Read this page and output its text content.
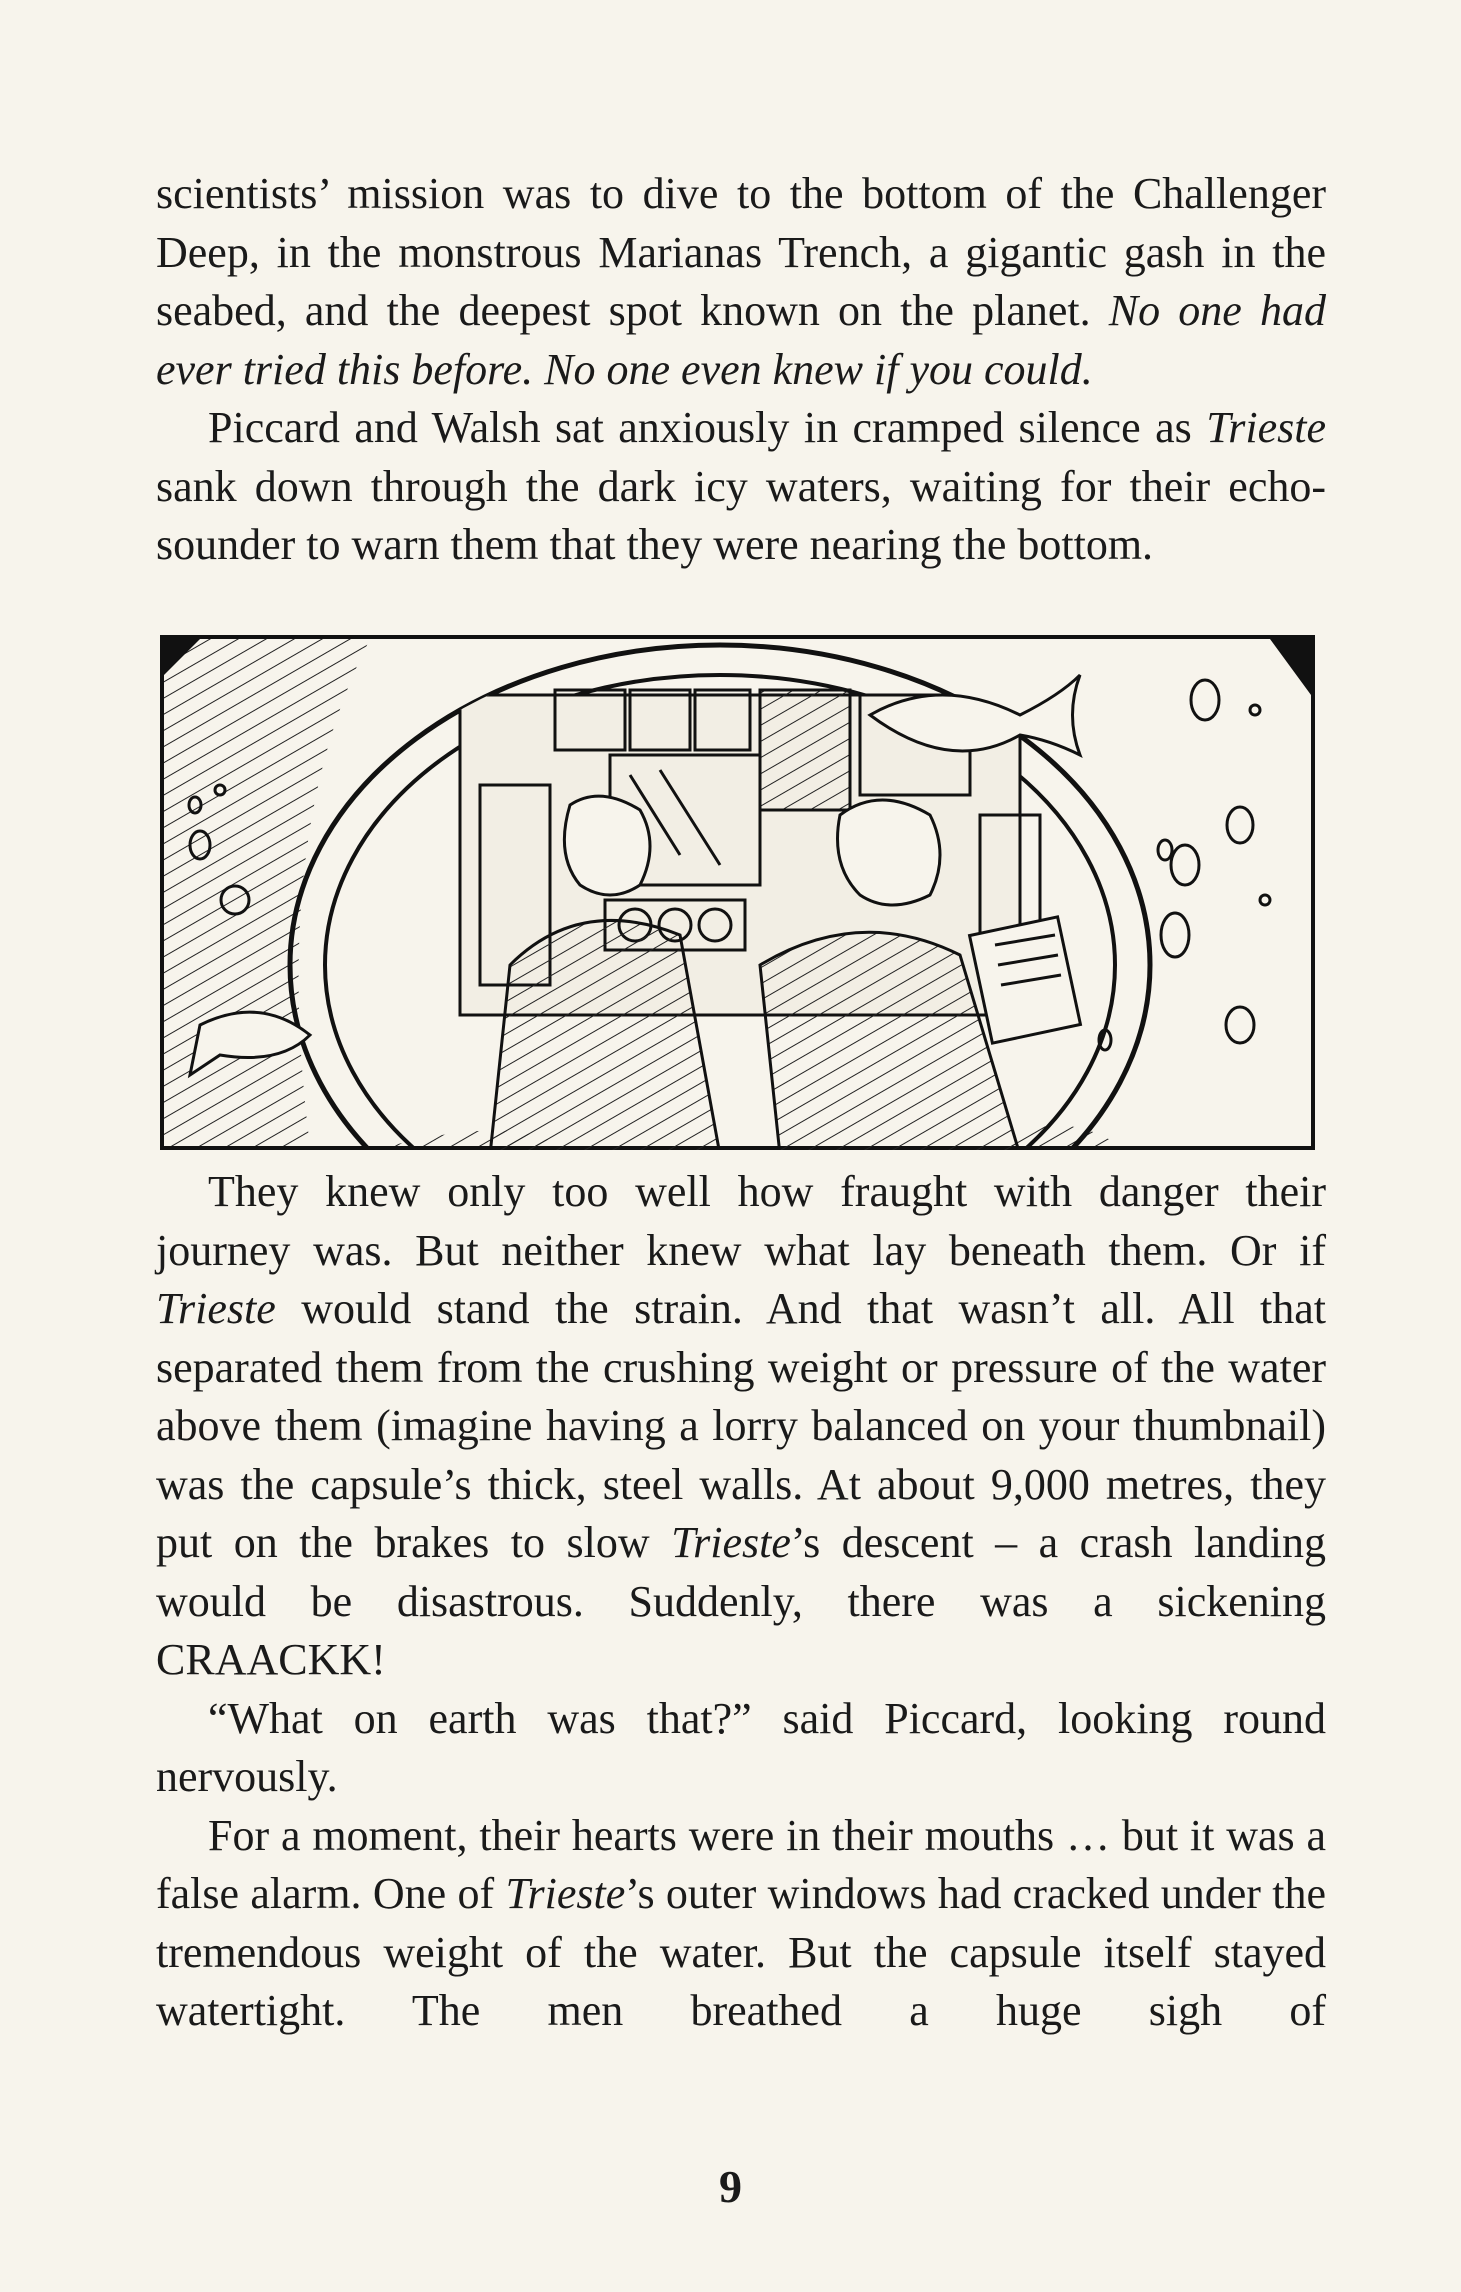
scientists’ mission was to dive to the bottom of the Challenger Deep, in the monstrous Marianas Trench, a gigantic gash in the seabed, and the deepest spot known on the planet. No one had ever tried this before. No one even knew if you could.

Piccard and Walsh sat anxiously in cramped silence as Trieste sank down through the dark icy waters, waiting for their echo-sounder to warn them that they were nearing the bottom.

They knew only too well how fraught with danger their journey was. But neither knew what lay beneath them. Or if Trieste would stand the strain. And that wasn’t all. All that separated them from the crushing weight or pressure of the water above them (imagine having a lorry balanced on your thumbnail) was the capsule’s thick, steel walls. At about 9,000 metres, they put on the brakes to slow Trieste’s descent – a crash landing would be disastrous. Suddenly, there was a sickening CRAACKK!

“What on earth was that?” said Piccard, looking round nervously.

For a moment, their hearts were in their mouths … but it was a false alarm. One of Trieste’s outer windows had cracked under the tremendous weight of the water. But the capsule itself stayed watertight. The men breathed a huge sigh of

9
